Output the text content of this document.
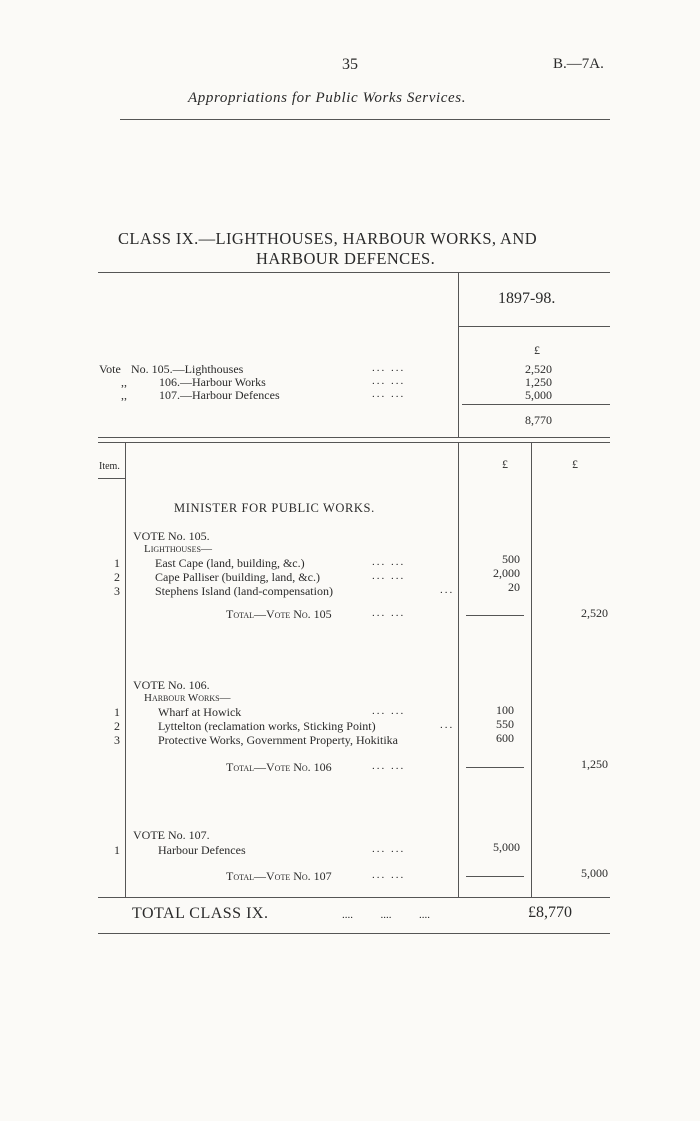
35	B.—7A.
Appropriations for Public Works Services.
CLASS IX.—LIGHTHOUSES, HARBOUR WORKS, AND
HARBOUR DEFENCES.
1897-98.
£
Vote No. 105.—Lighthouses	... ...	2,520
,,	106.—Harbour Works	... ...	1,250
,,	107.—Harbour Defences	... ...	5,000
8,770
Item.	£	£
MINISTER FOR PUBLIC WORKS.
VOTE No. 105.
Lighthouses—
1	East Cape (land, building, &c.)	... ...	500
2	Cape Palliser (building, land, &c.)	... ...	2,000
3	Stephens Island (land-compensation)	...	20
Total—Vote No. 105	... ...	2,520
VOTE No. 106.
Harbour Works—
1	Wharf at Howick	... ...	100
2	Lyttelton (reclamation works, Sticking Point)	...	550
3	Protective Works, Government Property, Hokitika	600
Total—Vote No. 106	... ...	1,250
VOTE No. 107.
1	Harbour Defences	... ...	5,000
Total—Vote No. 107	... ...	5,000
TOTAL CLASS IX.	....          ....          ....	£8,770
